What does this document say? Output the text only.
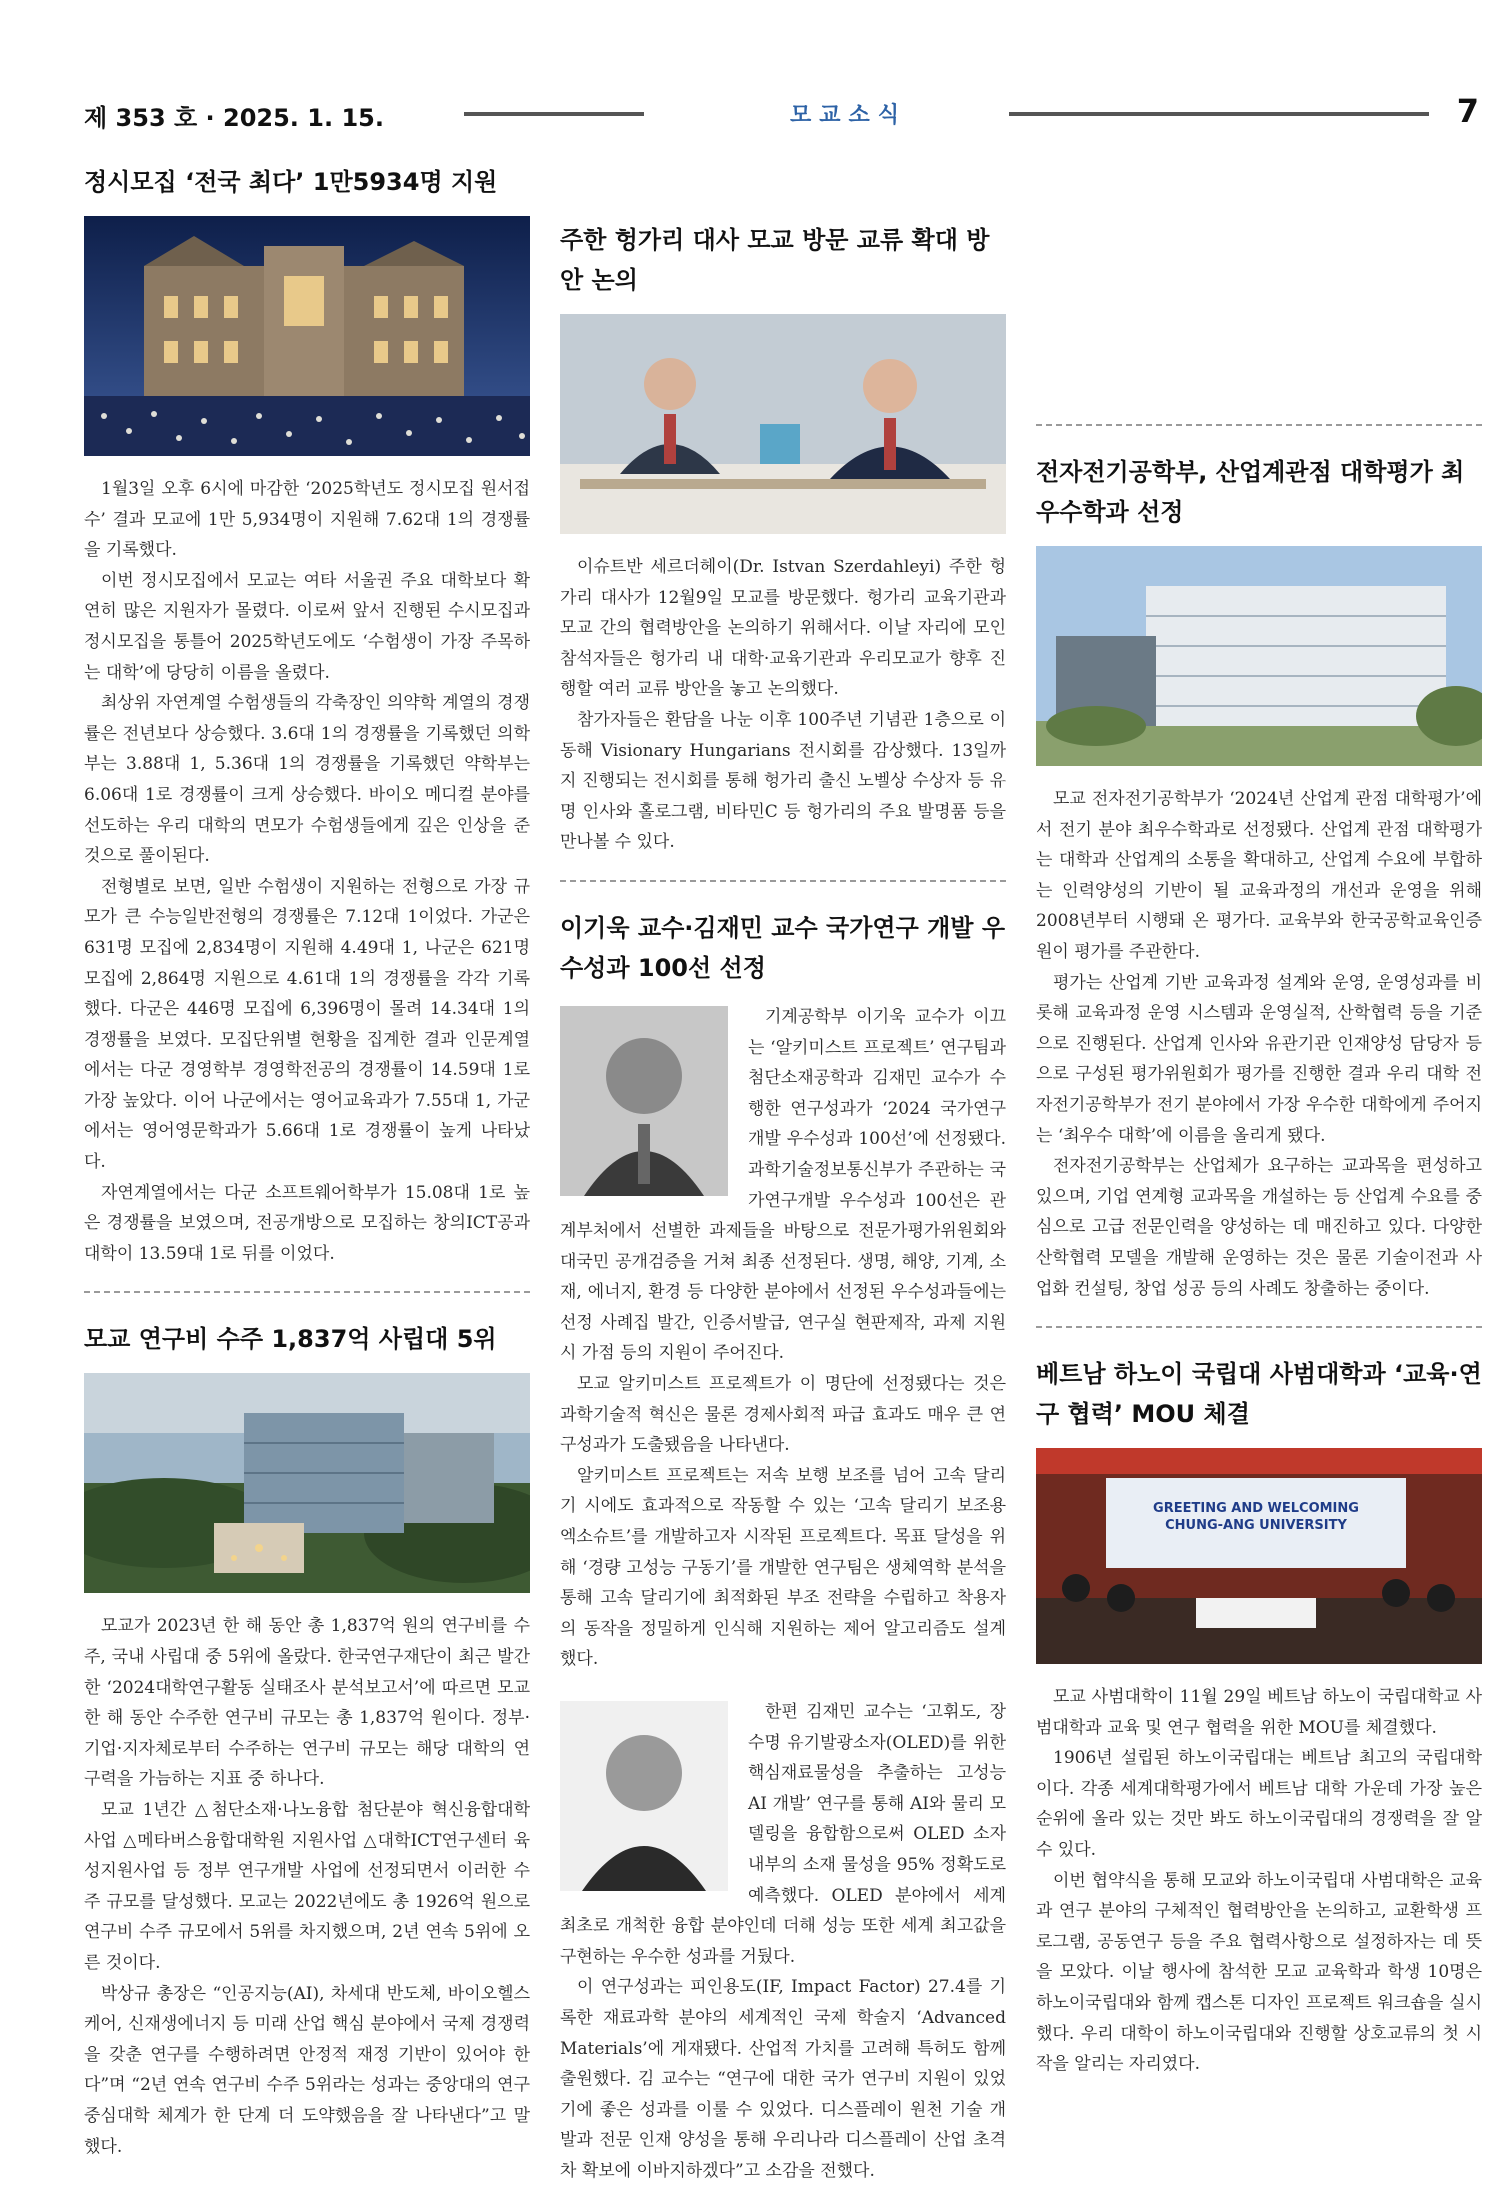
제 353 호 · 2025. 1. 15.	모교소식	7
정시모집 ‘전국 최다’ 1만5934명 지원

1월3일 오후 6시에 마감한 ‘2025학년도 정시모집 원서접수’ 결과 모교에 1만 5,934명이 지원해 7.62대 1의 경쟁률을 기록했다.

이번 정시모집에서 모교는 여타 서울권 주요 대학보다 확연히 많은 지원자가 몰렸다. 이로써 앞서 진행된 수시모집과 정시모집을 통틀어 2025학년도에도 ‘수험생이 가장 주목하는 대학’에 당당히 이름을 올렸다.

최상위 자연계열 수험생들의 각축장인 의약학 계열의 경쟁률은 전년보다 상승했다. 3.6대 1의 경쟁률을 기록했던 의학부는 3.88대 1, 5.36대 1의 경쟁률을 기록했던 약학부는 6.06대 1로 경쟁률이 크게 상승했다. 바이오 메디컬 분야를 선도하는 우리 대학의 면모가 수험생들에게 깊은 인상을 준 것으로 풀이된다.

전형별로 보면, 일반 수험생이 지원하는 전형으로 가장 규모가 큰 수능일반전형의 경쟁률은 7.12대 1이었다. 가군은 631명 모집에 2,834명이 지원해 4.49대 1, 나군은 621명 모집에 2,864명 지원으로 4.61대 1의 경쟁률을 각각 기록했다. 다군은 446명 모집에 6,396명이 몰려 14.34대 1의 경쟁률을 보였다. 모집단위별 현황을 집계한 결과 인문계열에서는 다군 경영학부 경영학전공의 경쟁률이 14.59대 1로 가장 높았다. 이어 나군에서는 영어교육과가 7.55대 1, 가군에서는 영어영문학과가 5.66대 1로 경쟁률이 높게 나타났다.

자연계열에서는 다군 소프트웨어학부가 15.08대 1로 높은 경쟁률을 보였으며, 전공개방으로 모집하는 창의ICT공과대학이 13.59대 1로 뒤를 이었다.

모교 연구비 수주 1,837억 사립대 5위

모교가 2023년 한 해 동안 총 1,837억 원의 연구비를 수주, 국내 사립대 중 5위에 올랐다. 한국연구재단이 최근 발간한 ‘2024대학연구활동 실태조사 분석보고서’에 따르면 모교 한 해 동안 수주한 연구비 규모는 총 1,837억 원이다. 정부·기업·지자체로부터 수주하는 연구비 규모는 해당 대학의 연구력을 가늠하는 지표 중 하나다.

모교 1년간 △첨단소재·나노융합 첨단분야 혁신융합대학 사업 △메타버스융합대학원 지원사업 △대학ICT연구센터 육성지원사업 등 정부 연구개발 사업에 선정되면서 이러한 수주 규모를 달성했다. 모교는 2022년에도 총 1926억 원으로 연구비 수주 규모에서 5위를 차지했으며, 2년 연속 5위에 오른 것이다.

박상규 총장은 “인공지능(AI), 차세대 반도체, 바이오헬스케어, 신재생에너지 등 미래 산업 핵심 분야에서 국제 경쟁력을 갖춘 연구를 수행하려면 안정적 재정 기반이 있어야 한다”며 “2년 연속 연구비 수주 5위라는 성과는 중앙대의 연구 중심대학 체계가 한 단계 더 도약했음을 잘 나타낸다”고 말했다.

주한 헝가리 대사 모교 방문 교류 확대 방안 논의

이슈트반 세르더헤이(Dr. Istvan Szerdahleyi) 주한 헝가리 대사가 12월9일 모교를 방문했다. 헝가리 교육기관과 모교 간의 협력방안을 논의하기 위해서다. 이날 자리에 모인 참석자들은 헝가리 내 대학·교육기관과 우리모교가 향후 진행할 여러 교류 방안을 놓고 논의했다.

참가자들은 환담을 나눈 이후 100주년 기념관 1층으로 이동해 Visionary Hungarians 전시회를 감상했다. 13일까지 진행되는 전시회를 통해 헝가리 출신 노벨상 수상자 등 유명 인사와 홀로그램, 비타민C 등 헝가리의 주요 발명품 등을 만나볼 수 있다.

이기욱 교수·김재민 교수 국가연구 개발 우수성과 100선 선정

기계공학부 이기욱 교수가 이끄는 ‘알키미스트 프로젝트’ 연구팀과 첨단소재공학과 김재민 교수가 수행한 연구성과가 ‘2024 국가연구개발 우수성과 100선’에 선정됐다. 과학기술정보통신부가 주관하는 국가연구개발 우수성과 100선은 관계부처에서 선별한 과제들을 바탕으로 전문가평가위원회와 대국민 공개검증을 거쳐 최종 선정된다. 생명, 해양, 기계, 소재, 에너지, 환경 등 다양한 분야에서 선정된 우수성과들에는 선정 사례집 발간, 인증서발급, 연구실 현판제작, 과제 지원 시 가점 등의 지원이 주어진다.

모교 알키미스트 프로젝트가 이 명단에 선정됐다는 것은 과학기술적 혁신은 물론 경제사회적 파급 효과도 매우 큰 연구성과가 도출됐음을 나타낸다.

알키미스트 프로젝트는 저속 보행 보조를 넘어 고속 달리기 시에도 효과적으로 작동할 수 있는 ‘고속 달리기 보조용 엑소슈트’를 개발하고자 시작된 프로젝트다. 목표 달성을 위해 ‘경량 고성능 구동기’를 개발한 연구팀은 생체역학 분석을 통해 고속 달리기에 최적화된 부조 전략을 수립하고 착용자의 동작을 정밀하게 인식해 지원하는 제어 알고리즘도 설계했다.

한편 김재민 교수는 ‘고휘도, 장수명 유기발광소자(OLED)를 위한 핵심재료물성을 추출하는 고성능 AI 개발’ 연구를 통해 AI와 물리 모델링을 융합함으로써 OLED 소자 내부의 소재 물성을 95% 정확도로 예측했다. OLED 분야에서 세계 최초로 개척한 융합 분야인데 더해 성능 또한 세계 최고값을 구현하는 우수한 성과를 거뒀다.

이 연구성과는 피인용도(IF, Impact Factor) 27.4를 기록한 재료과학 분야의 세계적인 국제 학술지 ‘Advanced Materials’에 게재됐다. 산업적 가치를 고려해 특허도 함께 출원했다. 김 교수는 “연구에 대한 국가 연구비 지원이 있었기에 좋은 성과를 이룰 수 있었다. 디스플레이 원천 기술 개발과 전문 인재 양성을 통해 우리나라 디스플레이 산업 초격차 확보에 이바지하겠다”고 소감을 전했다.

전자전기공학부, 산업계관점 대학평가 최우수학과 선정

모교 전자전기공학부가 ‘2024년 산업계 관점 대학평가’에서 전기 분야 최우수학과로 선정됐다. 산업계 관점 대학평가는 대학과 산업계의 소통을 확대하고, 산업계 수요에 부합하는 인력양성의 기반이 될 교육과정의 개선과 운영을 위해 2008년부터 시행돼 온 평가다. 교육부와 한국공학교육인증원이 평가를 주관한다.

평가는 산업계 기반 교육과정 설계와 운영, 운영성과를 비롯해 교육과정 운영 시스템과 운영실적, 산학협력 등을 기준으로 진행된다. 산업계 인사와 유관기관 인재양성 담당자 등으로 구성된 평가위원회가 평가를 진행한 결과 우리 대학 전자전기공학부가 전기 분야에서 가장 우수한 대학에게 주어지는 ‘최우수 대학’에 이름을 올리게 됐다.

전자전기공학부는 산업체가 요구하는 교과목을 편성하고 있으며, 기업 연계형 교과목을 개설하는 등 산업계 수요를 중심으로 고급 전문인력을 양성하는 데 매진하고 있다. 다양한 산학협력 모델을 개발해 운영하는 것은 물론 기술이전과 사업화 컨설팅, 창업 성공 등의 사례도 창출하는 중이다.

베트남 하노이 국립대 사범대학과 ‘교육·연구 협력’ MOU 체결
GREETING AND WELCOMING CHUNG-ANG UNIVERSITY

모교 사범대학이 11월 29일 베트남 하노이 국립대학교 사범대학과 교육 및 연구 협력을 위한 MOU를 체결했다.

1906년 설립된 하노이국립대는 베트남 최고의 국립대학이다. 각종 세계대학평가에서 베트남 대학 가운데 가장 높은 순위에 올라 있는 것만 봐도 하노이국립대의 경쟁력을 잘 알 수 있다.

이번 협약식을 통해 모교와 하노이국립대 사범대학은 교육과 연구 분야의 구체적인 협력방안을 논의하고, 교환학생 프로그램, 공동연구 등을 주요 협력사항으로 설정하자는 데 뜻을 모았다. 이날 행사에 참석한 모교 교육학과 학생 10명은 하노이국립대와 함께 캡스톤 디자인 프로젝트 워크숍을 실시했다. 우리 대학이 하노이국립대와 진행할 상호교류의 첫 시작을 알리는 자리였다.
